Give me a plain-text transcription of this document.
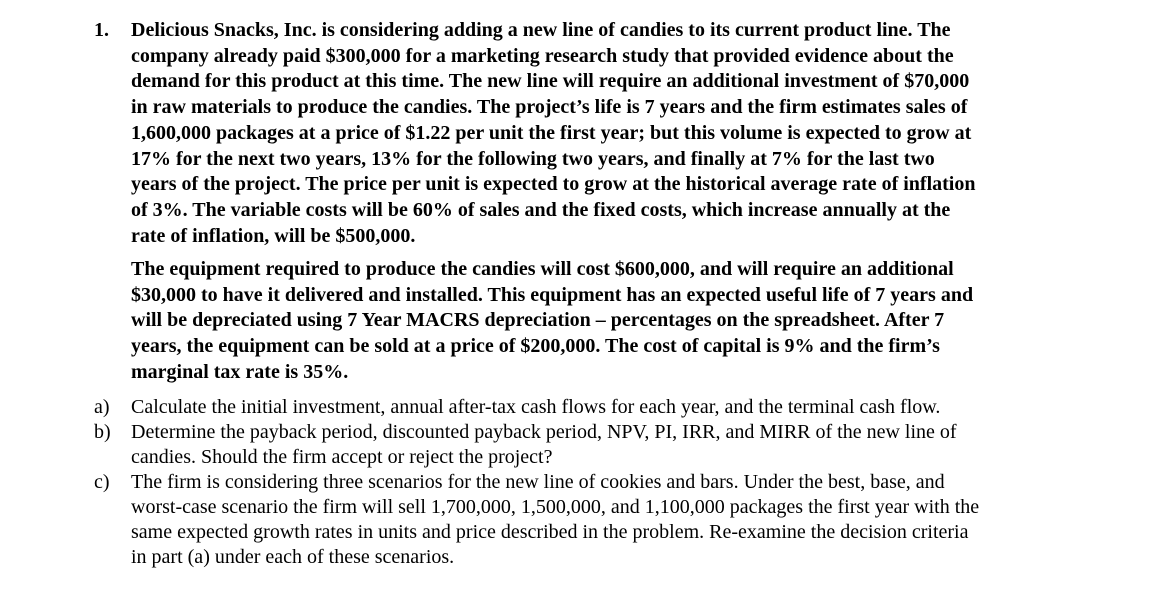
1. Delicious Snacks, Inc. is considering adding a new line of candies to its current product line. The
company already paid $300,000 for a marketing research study that provided evidence about the
demand for this product at this time. The new line will require an additional investment of $70,000
in raw materials to produce the candies. The project’s life is 7 years and the firm estimates sales of
1,600,000 packages at a price of $1.22 per unit the first year; but this volume is expected to grow at
17% for the next two years, 13% for the following two years, and finally at 7% for the last two
years of the project. The price per unit is expected to grow at the historical average rate of inflation
of 3%. The variable costs will be 60% of sales and the fixed costs, which increase annually at the
rate of inflation, will be $500,000.

The equipment required to produce the candies will cost $600,000, and will require an additional
$30,000 to have it delivered and installed. This equipment has an expected useful life of 7 years and
will be depreciated using 7 Year MACRS depreciation – percentages on the spreadsheet. After 7
years, the equipment can be sold at a price of $200,000. The cost of capital is 9% and the firm’s
marginal tax rate is 35%.

a) Calculate the initial investment, annual after-tax cash flows for each year, and the terminal cash flow.
b) Determine the payback period, discounted payback period, NPV, PI, IRR, and MIRR of the new line of
candies. Should the firm accept or reject the project?
c) The firm is considering three scenarios for the new line of cookies and bars. Under the best, base, and
worst-case scenario the firm will sell 1,700,000, 1,500,000, and 1,100,000 packages the first year with the
same expected growth rates in units and price described in the problem. Re-examine the decision criteria
in part (a) under each of these scenarios.
